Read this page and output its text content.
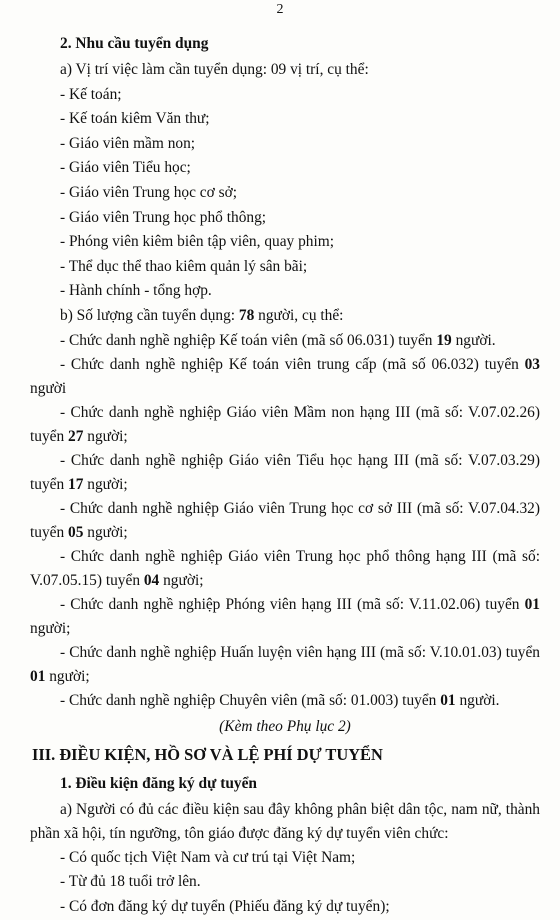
2
2. Nhu cầu tuyển dụng
a) Vị trí việc làm cần tuyển dụng: 09 vị trí, cụ thể:
- Kế toán;
- Kế toán kiêm Văn thư;
- Giáo viên mầm non;
- Giáo viên Tiểu học;
- Giáo viên Trung học cơ sở;
- Giáo viên Trung học phổ thông;
- Phóng viên kiêm biên tập viên, quay phim;
- Thể dục thể thao kiêm quản lý sân bãi;
- Hành chính - tổng hợp.
b) Số lượng cần tuyển dụng: 78 người, cụ thể:
- Chức danh nghề nghiệp Kế toán viên (mã số 06.031) tuyển 19 người.
- Chức danh nghề nghiệp Kế toán viên trung cấp (mã số 06.032) tuyển 03 người
- Chức danh nghề nghiệp Giáo viên Mầm non hạng III (mã số: V.07.02.26) tuyển 27 người;
- Chức danh nghề nghiệp Giáo viên Tiểu học hạng III (mã số: V.07.03.29) tuyển 17 người;
- Chức danh nghề nghiệp Giáo viên Trung học cơ sở III (mã số: V.07.04.32) tuyển 05 người;
- Chức danh nghề nghiệp Giáo viên Trung học phổ thông hạng III (mã số: V.07.05.15) tuyển 04 người;
- Chức danh nghề nghiệp Phóng viên hạng III (mã số: V.11.02.06) tuyển 01 người;
- Chức danh nghề nghiệp Huấn luyện viên hạng III (mã số: V.10.01.03) tuyển 01 người;
- Chức danh nghề nghiệp Chuyên viên (mã số: 01.003) tuyển 01 người.
(Kèm theo Phụ lục 2)
III. ĐIỀU KIỆN, HỒ SƠ VÀ LỆ PHÍ DỰ TUYỂN
1. Điều kiện đăng ký dự tuyển
a) Người có đủ các điều kiện sau đây không phân biệt dân tộc, nam nữ, thành phần xã hội, tín ngưỡng, tôn giáo được đăng ký dự tuyển viên chức:
- Có quốc tịch Việt Nam và cư trú tại Việt Nam;
- Từ đủ 18 tuổi trở lên.
- Có đơn đăng ký dự tuyển (Phiếu đăng ký dự tuyển);
